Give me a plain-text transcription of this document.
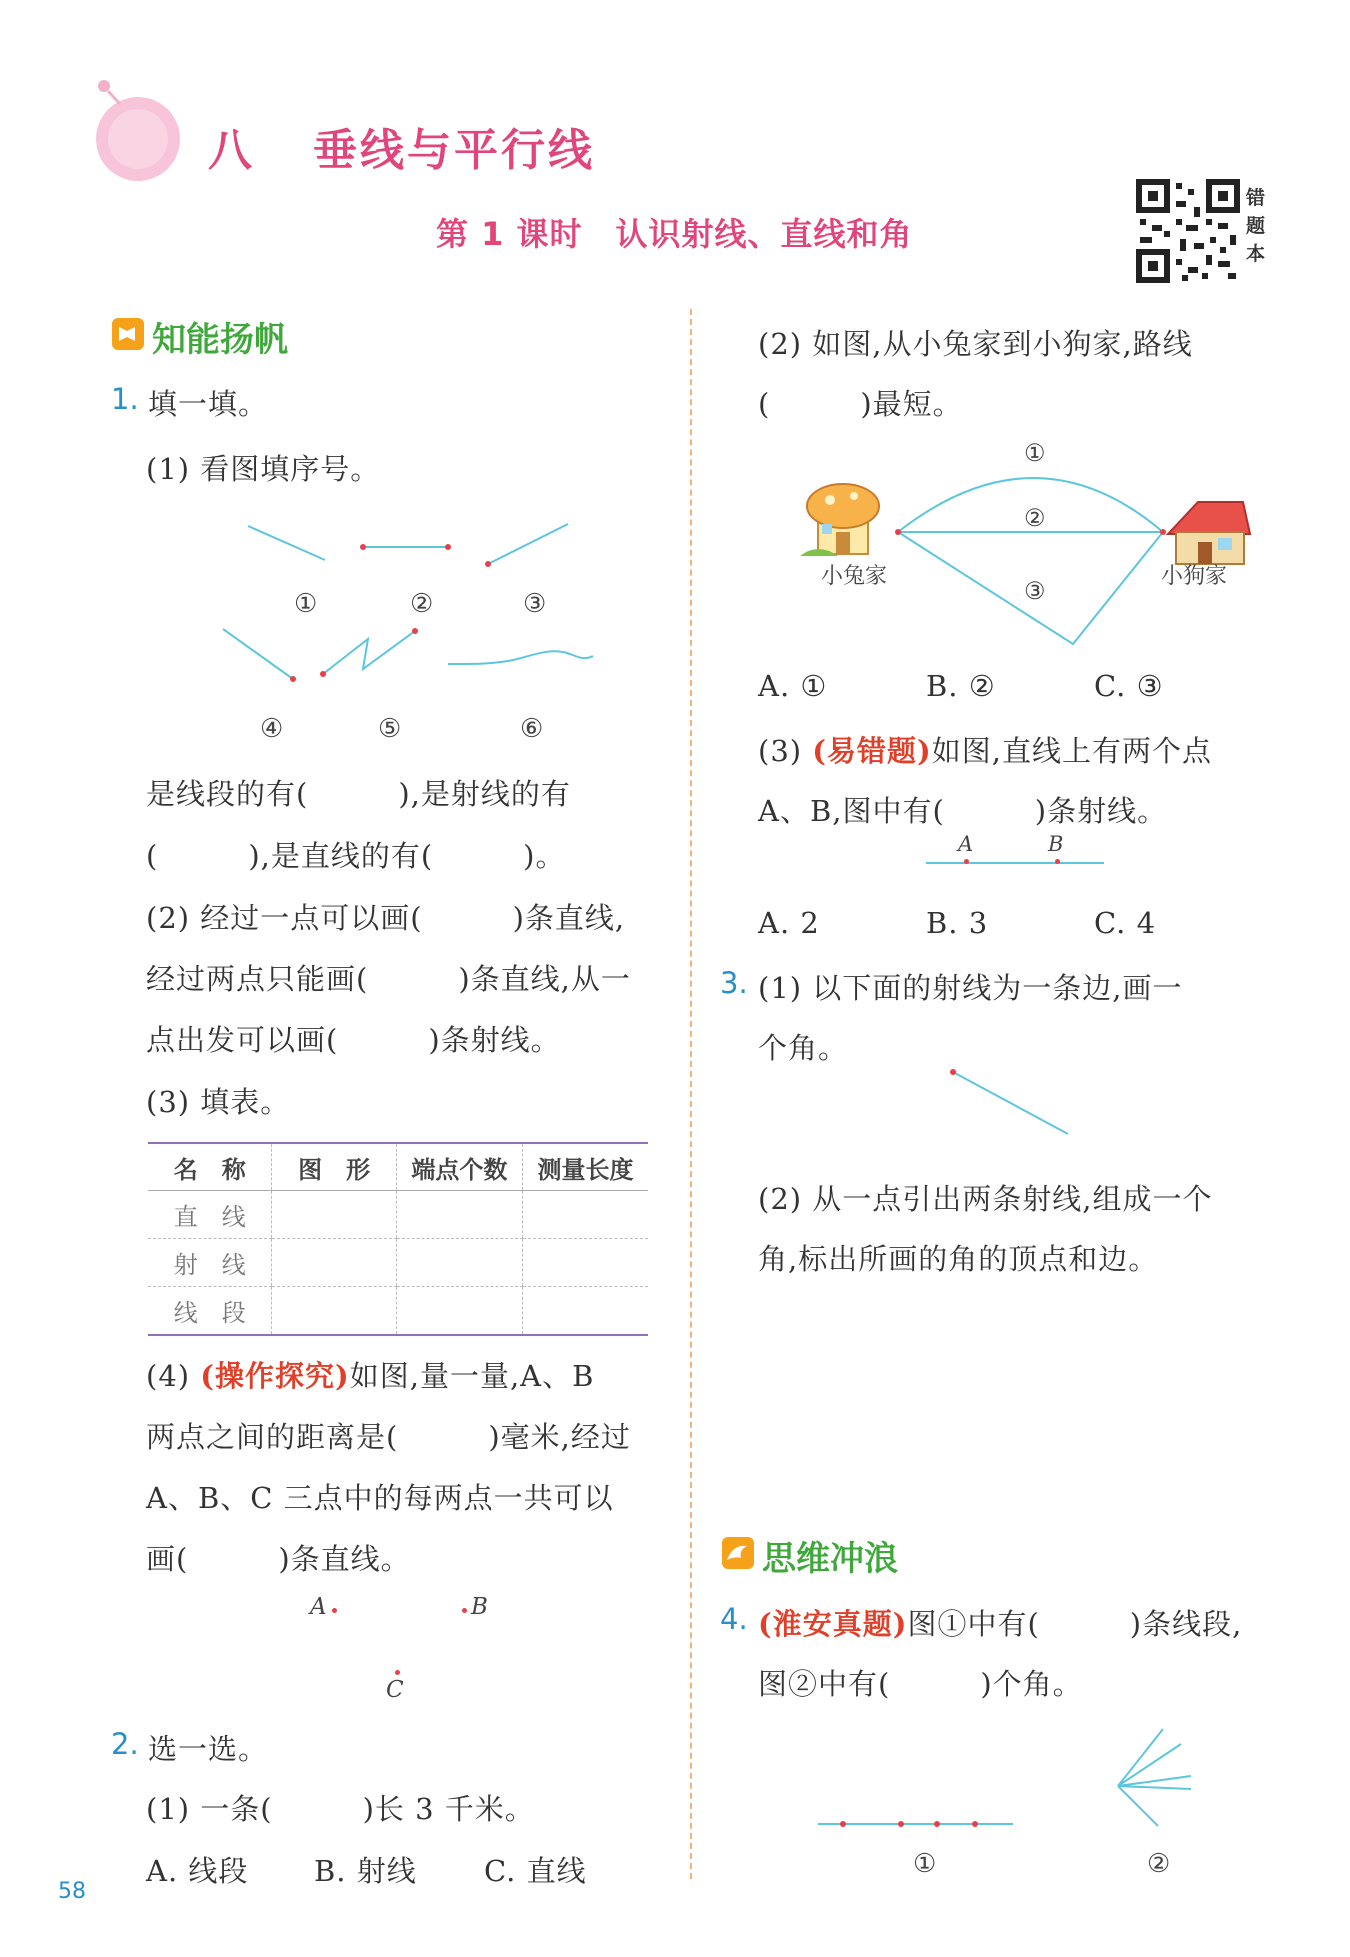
八 垂线与平行线
第 1 课时　认识射线、直线和角
错题本
知能扬帆
1. 填一填。
(1) 看图填序号。
①	②	③
④	⑤	⑥
是线段的有(　　　),是射线的有
(　　　),是直线的有(　　　)。
(2) 经过一点可以画(　　　)条直线,
经过两点只能画(　　　)条直线,从一
点出发可以画(　　　)条射线。
(3) 填表。
名　称	图　形	端点个数	测量长度
直　线			
射　线			
线　段			
(4) (操作探究)如图,量一量,A、B
两点之间的距离是(　　　)毫米,经过
A、B、C 三点中的每两点一共可以
画(　　　)条直线。
A	B
C
2. 选一选。
(1) 一条(　　　)长 3 千米。
A. 线段 B. 射线 C. 直线
58
(2) 如图,从小兔家到小狗家,路线
(　　　)最短。
①
②
③
小兔家	小狗家
A. ①	B. ②	C. ③
(3) (易错题)如图,直线上有两个点
A、B,图中有(　　　)条射线。
A	B
A. 2	B. 3	C. 4
3. (1) 以下面的射线为一条边,画一
个角。
(2) 从一点引出两条射线,组成一个
角,标出所画的角的顶点和边。
思维冲浪
4. (淮安真题)图①中有(　　　)条线段,
图②中有(　　　)个角。
①	②
